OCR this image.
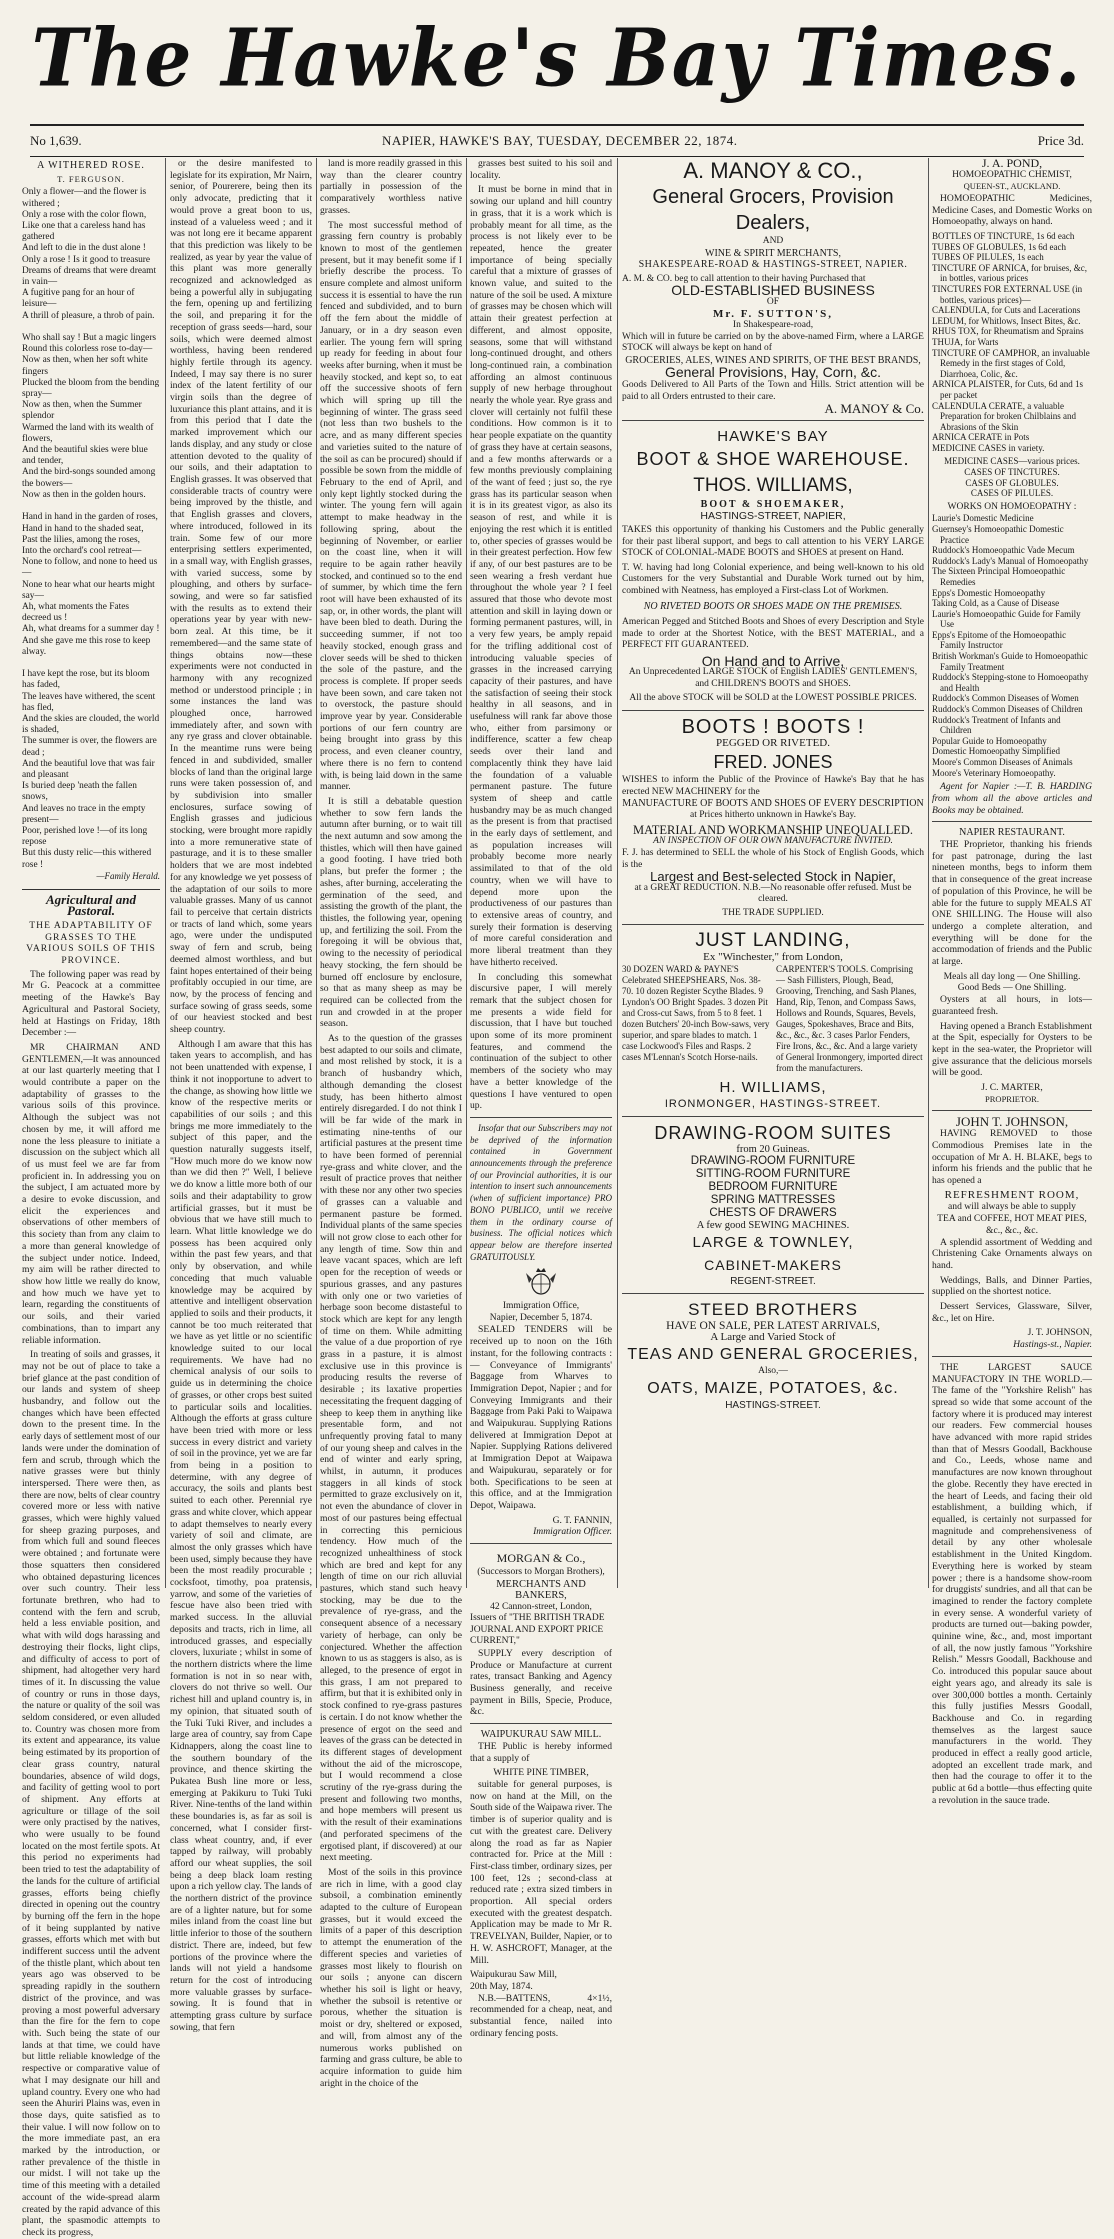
The Hawke's Bay Times.
No 1,639.	NAPIER, HAWKE'S BAY, TUESDAY, DECEMBER 22, 1874.	Price 3d.
A WITHERED ROSE.
T. FERGUSON.
Only a flower—and the flower is withered ;
Only a rose with the color flown,
Like one that a careless hand has gathered
And left to die in the dust alone !
Only a rose ! Is it good to treasure
Dreams of dreams that were dreamt in vain—
A fugitive pang for an hour of leisure—
A thrill of pleasure, a throb of pain.

Who shall say ! But a magic lingers
Round this colorless rose to-day—
Now as then, when her soft white fingers
Plucked the bloom from the bending spray—
Now as then, when the Summer splendor
Warmed the land with its wealth of flowers,
And the beautiful skies were blue and tender,
And the bird-songs sounded among the bowers—
Now as then in the golden hours.

Hand in hand in the garden of roses,
Hand in hand to the shaded seat,
Past the lilies, among the roses,
Into the orchard's cool retreat—
None to follow, and none to heed us—
None to hear what our hearts might say—
Ah, what moments the Fates decreed us !
Ah, what dreams for a summer day !
And she gave me this rose to keep alway.

I have kept the rose, but its bloom has faded,
The leaves have withered, the scent has fled,
And the skies are clouded, the world is shaded,
The summer is over, the flowers are dead ;
And the beautiful love that was fair and pleasant
Is buried deep 'neath the fallen snows,
And leaves no trace in the empty present—
Poor, perished love !—of its long repose
But this dusty relic—this withered rose !
—Family Herald.
Agricultural and Pastoral.
THE ADAPTABILITY OF GRASSES TO THE VARIOUS SOILS OF THIS PROVINCE.

The following paper was read by Mr G. Peacock at a committee meeting of the Hawke's Bay Agricultural and Pastoral Society, held at Hastings on Friday, 18th December :—

MR CHAIRMAN AND GENTLEMEN,—It was announced at our last quarterly meeting that I would contribute a paper on the adaptability of grasses to the various soils of this province. Although the subject was not chosen by me, it will afford me none the less pleasure to initiate a discussion on the subject which all of us must feel we are far from proficient in. In addressing you on the subject, I am actuated more by a desire to evoke discussion, and elicit the experiences and observations of other members of this society than from any claim to a more than general knowledge of the subject under notice. Indeed, my aim will be rather directed to show how little we really do know, and how much we have yet to learn, regarding the constituents of our soils, and their varied combinations, than to impart any reliable information.

In treating of soils and grasses, it may not be out of place to take a brief glance at the past condition of our lands and system of sheep husbandry, and follow out the changes which have been effected down to the present time. In the early days of settlement most of our lands were under the domination of fern and scrub, through which the native grasses were but thinly interspersed. There were then, as there are now, belts of clear country covered more or less with native grasses, which were highly valued for sheep grazing purposes, and from which full and sound fleeces were obtained ; and fortunate were those squatters then considered who obtained depasturing licences over such country. Their less fortunate brethren, who had to contend with the fern and scrub, held a less enviable position, and what with wild dogs harassing and destroying their flocks, light clips, and difficulty of access to port of shipment, had altogether very hard times of it. In discussing the value of country or runs in those days, the nature or quality of the soil was seldom considered, or even alluded to. Country was chosen more from its extent and appearance, its value being estimated by its proportion of clear grass country, natural boundaries, absence of wild dogs, and facility of getting wool to port of shipment. Any efforts at agriculture or tillage of the soil were only practised by the natives, who were usually to be found located on the most fertile spots. At this period no experiments had been tried to test the adaptability of the lands for the culture of artificial grasses, efforts being chiefly directed in opening out the country by burning off the fern in the hope of it being supplanted by native grasses, efforts which met with but indifferent success until the advent of the thistle plant, which about ten years ago was observed to be spreading rapidly in the southern district of the province, and was proving a most powerful adversary than the fire for the fern to cope with. Such being the state of our lands at that time, we could have but little reliable knowledge of the respective or comparative value of what I may designate our hill and upland country. Every one who had seen the Ahuriri Plains was, even in those days, quite satisfied as to their value. I will now follow on to the more immediate past, an era marked by the introduction, or rather prevalence of the thistle in our midst. I will not take up the time of this meeting with a detailed account of the wide-spread alarm created by the rapid advance of this plant, the spasmodic attempts to check its progress,

or the desire manifested to legislate for its expiration, Mr Nairn, senior, of Pourerere, being then its only advocate, predicting that it would prove a great boon to us, instead of a valueless weed ; and it was not long ere it became apparent that this prediction was likely to be realized, as year by year the value of this plant was more generally recognized and acknowledged as being a powerful ally in subjugating the fern, opening up and fertilizing the soil, and preparing it for the reception of grass seeds—hard, sour soils, which were deemed almost worthless, having been rendered highly fertile through its agency. Indeed, I may say there is no surer index of the latent fertility of our virgin soils than the degree of luxuriance this plant attains, and it is from this period that I date the marked improvement which our lands display, and any study or close attention devoted to the quality of our soils, and their adaptation to English grasses. It was observed that considerable tracts of country were being improved by the thistle, and that English grasses and clovers, where introduced, followed in its train. Some few of our more enterprising settlers experimented, in a small way, with English grasses, with varied success, some by ploughing, and others by surface-sowing, and were so far satisfied with the results as to extend their operations year by year with new-born zeal. At this time, be it remembered—and the same state of things obtains now—these experiments were not conducted in harmony with any recognized method or understood principle ; in some instances the land was ploughed once, harrowed immediately after, and sown with any rye grass and clover obtainable. In the meantime runs were being fenced in and subdivided, smaller blocks of land than the original large runs were taken possession of, and by subdivision into smaller enclosures, surface sowing of English grasses and judicious stocking, were brought more rapidly into a more remunerative state of pasturage, and it is to these smaller holders that we are most indebted for any knowledge we yet possess of the adaptation of our soils to more valuable grasses. Many of us cannot fail to perceive that certain districts or tracts of land which, some years ago, were under the undisputed sway of fern and scrub, being deemed almost worthless, and but faint hopes entertained of their being profitably occupied in our time, are now, by the process of fencing and surface sowing of grass seeds, some of our heaviest stocked and best sheep country.

Although I am aware that this has taken years to accomplish, and has not been unattended with expense, I think it not inopportune to advert to the change, as showing how little we know of the respective merits or capabilities of our soils ; and this brings me more immediately to the subject of this paper, and the question naturally suggests itself, "How much more do we know now than we did then ?" Well, I believe we do know a little more both of our soils and their adaptability to grow artificial grasses, but it must be obvious that we have still much to learn. What little knowledge we do possess has been acquired only within the past few years, and that only by observation, and while conceding that much valuable knowledge may be acquired by attentive and intelligent observation applied to soils and their products, it cannot be too much reiterated that we have as yet little or no scientific knowledge suited to our local requirements. We have had no chemical analysis of our soils to guide us in determining the choice of grasses, or other crops best suited to particular soils and localities. Although the efforts at grass culture have been tried with more or less success in every district and variety of soil in the province, yet we are far from being in a position to determine, with any degree of accuracy, the soils and plants best suited to each other. Perennial rye grass and white clover, which appear to adapt themselves to nearly every variety of soil and climate, are almost the only grasses which have been used, simply because they have been the most readily procurable ; cocksfoot, timothy, poa pratensis, yarrow, and some of the varieties of fescue have also been tried with marked success. In the alluvial deposits and tracts, rich in lime, all introduced grasses, and especially clovers, luxuriate ; whilst in some of the northern districts where the lime formation is not in so near with, clovers do not thrive so well. Our richest hill and upland country is, in my opinion, that situated south of the Tuki Tuki River, and includes a large area of country, say from Cape Kidnappers, along the coast line to the southern boundary of the province, and thence skirting the Pukatea Bush line more or less, emerging at Pakikuru to Tuki Tuki River. Nine-tenths of the land within these boundaries is, as far as soil is concerned, what I consider first-class wheat country, and, if ever tapped by railway, will probably afford our wheat supplies, the soil being a deep black loam resting upon a rich yellow clay. The lands of the northern district of the province are of a lighter nature, but for some miles inland from the coast line but little inferior to those of the southern district. There are, indeed, but few portions of the province where the lands will not yield a handsome return for the cost of introducing more valuable grasses by surface-sowing. It is found that in attempting grass culture by surface sowing, that fern

land is more readily grassed in this way than the clearer country partially in possession of the comparatively worthless native grasses.

The most successful method of grassing fern country is probably known to most of the gentlemen present, but it may benefit some if I briefly describe the process. To ensure complete and almost uniform success it is essential to have the run fenced and subdivided, and to burn off the fern about the middle of January, or in a dry season even earlier. The young fern will spring up ready for feeding in about four weeks after burning, when it must be heavily stocked, and kept so, to eat off the successive shoots of fern which will spring up till the beginning of winter. The grass seed (not less than two bushels to the acre, and as many different species and varieties suited to the nature of the soil as can be procured) should if possible be sown from the middle of February to the end of April, and only kept lightly stocked during the winter. The young fern will again attempt to make headway in the following spring, about the beginning of November, or earlier on the coast line, when it will require to be again rather heavily stocked, and continued so to the end of summer, by which time the fern root will have been exhausted of its sap, or, in other words, the plant will have been bled to death. During the succeeding summer, if not too heavily stocked, enough grass and clover seeds will be shed to thicken the sole of the pasture, and the process is complete. If proper seeds have been sown, and care taken not to overstock, the pasture should improve year by year. Considerable portions of our fern country are being brought into grass by this process, and even cleaner country, where there is no fern to contend with, is being laid down in the same manner.

It is still a debatable question whether to sow fern lands the autumn after burning, or to wait till the next autumn and sow among the thistles, which will then have gained a good footing. I have tried both plans, but prefer the former ; the ashes, after burning, accelerating the germination of the seed, and assisting the growth of the plant, the thistles, the following year, opening up, and fertilizing the soil. From the foregoing it will be obvious that, owing to the necessity of periodical heavy stocking, the fern should be burned off enclosure by enclosure, so that as many sheep as may be required can be collected from the run and crowded in at the proper season.

As to the question of the grasses best adapted to our soils and climate, and most relished by stock, it is a branch of husbandry which, although demanding the closest study, has been hitherto almost entirely disregarded. I do not think I will be far wide of the mark in estimating nine-tenths of our artificial pastures at the present time to have been formed of perennial rye-grass and white clover, and the result of practice proves that neither with these nor any other two species of grasses can a valuable and permanent pasture be formed. Individual plants of the same species will not grow close to each other for any length of time. Sow thin and leave vacant spaces, which are left open for the reception of weeds or spurious grasses, and any pastures with only one or two varieties of herbage soon become distasteful to stock which are kept for any length of time on them. While admitting the value of a due proportion of rye grass in a pasture, it is almost exclusive use in this province is producing results the reverse of desirable ; its laxative properties necessitating the frequent dagging of sheep to keep them in anything like presentable form, and not unfrequently proving fatal to many of our young sheep and calves in the end of winter and early spring, whilst, in autumn, it produces staggers in all kinds of stock permitted to graze exclusively on it, not even the abundance of clover in most of our pastures being effectual in correcting this pernicious tendency. How much of the recognized unhealthiness of stock which are bred and kept for any length of time on our rich alluvial pastures, which stand such heavy stocking, may be due to the prevalence of rye-grass, and the consequent absence of a necessary variety of herbage, can only be conjectured. Whether the affection known to us as staggers is also, as is alleged, to the presence of ergot in this grass, I am not prepared to affirm, but that it is exhibited only in stock confined to rye-grass pastures is certain. I do not know whether the presence of ergot on the seed and leaves of the grass can be detected in its different stages of development without the aid of the microscope, but I would recommend a close scrutiny of the rye-grass during the present and following two months, and hope members will present us with the result of their examinations (and perforated specimens of the ergotised plant, if discovered) at our next meeting.

Most of the soils in this province are rich in lime, with a good clay subsoil, a combination eminently adapted to the culture of European grasses, but it would exceed the limits of a paper of this description to attempt the enumeration of the different species and varieties of grasses most likely to flourish on our soils ; anyone can discern whether his soil is light or heavy, whether the subsoil is retentive or porous, whether the situation is moist or dry, sheltered or exposed, and will, from almost any of the numerous works published on farming and grass culture, be able to acquire information to guide him aright in the choice of the

grasses best suited to his soil and locality.

It must be borne in mind that in sowing our upland and hill country in grass, that it is a work which is probably meant for all time, as the process is not likely ever to be repeated, hence the greater importance of being specially careful that a mixture of grasses of known value, and suited to the nature of the soil be used. A mixture of grasses may be chosen which will attain their greatest perfection at different, and almost opposite, seasons, some that will withstand long-continued drought, and others long-continued rain, a combination affording an almost continuous supply of new herbage throughout nearly the whole year. Rye grass and clover will certainly not fulfil these conditions. How common is it to hear people expatiate on the quantity of grass they have at certain seasons, and a few months afterwards or a few months previously complaining of the want of feed ; just so, the rye grass has its particular season when it is in its greatest vigor, as also its season of rest, and while it is enjoying the rest which it is entitled to, other species of grasses would be in their greatest perfection. How few if any, of our best pastures are to be seen wearing a fresh verdant hue throughout the whole year ? I feel assured that those who devote most attention and skill in laying down or forming permanent pastures, will, in a very few years, be amply repaid for the trifling additional cost of introducing valuable species of grasses in the increased carrying capacity of their pastures, and have the satisfaction of seeing their stock healthy in all seasons, and in usefulness will rank far above those who, either from parsimony or indifference, scatter a few cheap seeds over their land and complacently think they have laid the foundation of a valuable permanent pasture. The future system of sheep and cattle husbandry may be as much changed as the present is from that practised in the early days of settlement, and as population increases will probably become more nearly assimilated to that of the old country, when we will have to depend more upon the productiveness of our pastures than to extensive areas of country, and surely their formation is deserving of more careful consideration and more liberal treatment than they have hitherto received.

In concluding this somewhat discursive paper, I will merely remark that the subject chosen for me presents a wide field for discussion, that I have but touched upon some of its more prominent features, and commend the continuation of the subject to other members of the society who may have a better knowledge of the questions I have ventured to open up.

Insofar that our Subscribers may not be deprived of the information contained in Government announcements through the preference of our Provincial authorities, it is our intention to insert such announcements (when of sufficient importance) PRO BONO PUBLICO, until we receive them in the ordinary course of business. The official notices which appear below are therefore inserted GRATUITOUSLY.

Immigration Office,
Napier, December 5, 1874.

SEALED TENDERS will be received up to noon on the 16th instant, for the following contracts :— Conveyance of Immigrants' Baggage from Wharves to Immigration Depot, Napier ; and for Conveying Immigrants and their Baggage from Paki Paki to Waipawa and Waipukurau. Supplying Rations delivered at Immigration Depot at Napier. Supplying Rations delivered at Immigration Depot at Waipawa and Waipukurau, separately or for both. Specifications to be seen at this office, and at the Immigration Depot, Waipawa.

G. T. FANNIN,
Immigration Officer.
MORGAN & Co.,
(Successors to Morgan Brothers),
MERCHANTS AND BANKERS,
42 Cannon-street, London,
Issuers of "THE BRITISH TRADE JOURNAL AND EXPORT PRICE CURRENT,"

SUPPLY every description of Produce or Manufacture at current rates, transact Banking and Agency Business generally, and receive payment in Bills, Specie, Produce, &c.

WAIPUKURAU SAW MILL.

THE Public is hereby informed that a supply of

WHITE PINE TIMBER,

suitable for general purposes, is now on hand at the Mill, on the South side of the Waipawa river. The timber is of superior quality and is cut with the greatest care. Delivery along the road as far as Napier contracted for. Price at the Mill : First-class timber, ordinary sizes, per 100 feet, 12s ; second-class at reduced rate ; extra sized timbers in proportion. All special orders executed with the greatest despatch. Application may be made to Mr R. TREVELYAN, Builder, Napier, or to H. W. ASHCROFT, Manager, at the Mill.

Waipukurau Saw Mill,
20th May, 1874.

N.B.—BATTENS, 4×1½, recommended for a cheap, neat, and substantial fence, nailed into ordinary fencing posts.

A. MANOY & CO.,
General Grocers, Provision Dealers,
AND
WINE & SPIRIT MERCHANTS,
SHAKESPEARE-ROAD & HASTINGS-STREET, NAPIER.
A. M. & CO. beg to call attention to their having Purchased that
OLD-ESTABLISHED BUSINESS
OF
Mr. F. SUTTON'S,
In Shakespeare-road,
Which will in future be carried on by the above-named Firm, where a LARGE STOCK will always be kept on hand of
GROCERIES, ALES, WINES AND SPIRITS, OF THE BEST BRANDS,
General Provisions, Hay, Corn, &c.
Goods Delivered to All Parts of the Town and Hills. Strict attention will be paid to all Orders entrusted to their care.
A. MANOY & Co.
HAWKE'S BAY
BOOT & SHOE WAREHOUSE.
THOS. WILLIAMS,
BOOT & SHOEMAKER,
HASTINGS-STREET, NAPIER,
TAKES this opportunity of thanking his Customers and the Public generally for their past liberal support, and begs to call attention to his VERY LARGE STOCK of COLONIAL-MADE BOOTS and SHOES at present on Hand.
T. W. having had long Colonial experience, and being well-known to his old Customers for the very Substantial and Durable Work turned out by him, combined with Neatness, has employed a First-class Lot of Workmen.
NO RIVETED BOOTS OR SHOES MADE ON THE PREMISES.
American Pegged and Stitched Boots and Shoes of every Description and Style made to order at the Shortest Notice, with the BEST MATERIAL, and a PERFECT FIT GUARANTEED.
On Hand and to Arrive,
An Unprecedented LARGE STOCK of English LADIES' GENTLEMEN'S, and CHILDREN'S BOOTS and SHOES.
All the above STOCK will be SOLD at the LOWEST POSSIBLE PRICES.
BOOTS ! BOOTS !
PEGGED OR RIVETED.
FRED. JONES
WISHES to inform the Public of the Province of Hawke's Bay that he has erected NEW MACHINERY for the
MANUFACTURE OF BOOTS AND SHOES OF EVERY DESCRIPTION
at Prices hitherto unknown in Hawke's Bay.
MATERIAL AND WORKMANSHIP UNEQUALLED.
AN INSPECTION OF OUR OWN MANUFACTURE INVITED.
F. J. has determined to SELL the whole of his Stock of English Goods, which is the
Largest and Best-selected Stock in Napier,
at a GREAT REDUCTION. N.B.—No reasonable offer refused. Must be cleared.
THE TRADE SUPPLIED.
JUST LANDING,
Ex "Winchester," from London,
30 DOZEN WARD & PAYNE'S Celebrated SHEEPSHEARS, Nos. 38-70. 10 dozen Register Scythe Blades. 9 Lyndon's OO Bright Spades. 3 dozen Pit and Cross-cut Saws, from 5 to 8 feet. 1 dozen Butchers' 20-inch Bow-saws, very superior, and spare blades to match. 1 case Lockwood's Files and Rasps. 2 cases M'Lennan's Scotch Horse-nails.
CARPENTER'S TOOLS. Comprising — Sash Fillisters, Plough, Bead, Grooving, Trenching, and Sash Planes, Hand, Rip, Tenon, and Compass Saws, Hollows and Rounds, Squares, Bevels, Gauges, Spokeshaves, Brace and Bits, &c., &c., &c. 3 cases Parlor Fenders, Fire Irons, &c., &c. And a large variety of General Ironmongery, imported direct from the manufacturers.
H. WILLIAMS,
IRONMONGER, HASTINGS-STREET.
DRAWING-ROOM SUITES
from 20 Guineas.
DRAWING-ROOM FURNITURE
SITTING-ROOM FURNITURE
BEDROOM FURNITURE
SPRING MATTRESSES
CHESTS OF DRAWERS
A few good SEWING MACHINES.
LARGE & TOWNLEY,
CABINET-MAKERS
REGENT-STREET.
STEED BROTHERS
HAVE ON SALE, PER LATEST ARRIVALS,
A Large and Varied Stock of
TEAS AND GENERAL GROCERIES,
Also,—
OATS, MAIZE, POTATOES, &c.
HASTINGS-STREET.
J. A. POND,
HOMOEOPATHIC CHEMIST,
QUEEN-ST., AUCKLAND.

HOMOEOPATHIC Medicines, Medicine Cases, and Domestic Works on Homoeopathy, always on hand.

BOTTLES OF TINCTURE, 1s 6d each
TUBES OF GLOBULES, 1s 6d each
TUBES OF PILULES, 1s each
TINCTURE OF ARNICA, for bruises, &c, in bottles, various prices
TINCTURES FOR EXTERNAL USE (in bottles, various prices)—
CALENDULA, for Cuts and Lacerations
LEDUM, for Whitlows, Insect Bites, &c.
RHUS TOX, for Rheumatism and Sprains
THUJA, for Warts
TINCTURE OF CAMPHOR, an invaluable Remedy in the first stages of Cold, Diarrhoea, Colic, &c.
ARNICA PLAISTER, for Cuts, 6d and 1s per packet
CALENDULA CERATE, a valuable Preparation for broken Chilblains and Abrasions of the Skin
ARNICA CERATE in Pots
MEDICINE CASES in variety.
MEDICINE CASES—various prices.
CASES OF TINCTURES.
CASES OF GLOBULES.
CASES OF PILULES.
WORKS ON HOMOEOPATHY :
Laurie's Domestic Medicine
Guernsey's Homoeopathic Domestic Practice
Ruddock's Homoeopathic Vade Mecum
Ruddock's Lady's Manual of Homoeopathy
The Sixteen Principal Homoeopathic Remedies
Epps's Domestic Homoeopathy
Taking Cold, as a Cause of Disease
Laurie's Homoeopathic Guide for Family Use
Epps's Epitome of the Homoeopathic Family Instructor
British Workman's Guide to Homoeopathic Family Treatment
Ruddock's Stepping-stone to Homoeopathy and Health
Ruddock's Common Diseases of Women
Ruddock's Common Diseases of Children
Ruddock's Treatment of Infants and Children
Popular Guide to Homoeopathy
Domestic Homoeopathy Simplified
Moore's Common Diseases of Animals
Moore's Veterinary Homoeopathy.

Agent for Napier :—T. B. HARDING from whom all the above articles and Books may be obtained.

NAPIER RESTAURANT.

THE Proprietor, thanking his friends for past patronage, during the last nineteen months, begs to inform them that in consequence of the great increase of population of this Province, he will be able for the future to supply MEALS AT ONE SHILLING. The House will also undergo a complete alteration, and everything will be done for the accommodation of friends and the Public at large.

Meals all day long — One Shilling.
Good Beds — One Shilling.

Oysters at all hours, in lots—guaranteed fresh.

Having opened a Branch Establishment at the Spit, especially for Oysters to be kept in the sea-water, the Proprietor will give assurance that the delicious morsels will be good.

J. C. MARTER,
PROPRIETOR.
JOHN T. JOHNSON,

HAVING REMOVED to those Commodious Premises late in the occupation of Mr A. H. BLAKE, begs to inform his friends and the public that he has opened a

REFRESHMENT ROOM,
and will always be able to supply
TEA and COFFEE, HOT MEAT PIES, &c., &c., &c.

A splendid assortment of Wedding and Christening Cake Ornaments always on hand.

Weddings, Balls, and Dinner Parties, supplied on the shortest notice.

Dessert Services, Glassware, Silver, &c., let on Hire.

J. T. JOHNSON,
Hastings-st., Napier.

THE LARGEST SAUCE MANUFACTORY IN THE WORLD.—The fame of the "Yorkshire Relish" has spread so wide that some account of the factory where it is produced may interest our readers. Few commercial houses have advanced with more rapid strides than that of Messrs Goodall, Backhouse and Co., Leeds, whose name and manufactures are now known throughout the globe. Recently they have erected in the heart of Leeds, and facing their old establishment, a building which, if equalled, is certainly not surpassed for magnitude and comprehensiveness of detail by any other wholesale establishment in the United Kingdom. Everything here is worked by steam power ; there is a handsome show-room for druggists' sundries, and all that can be imagined to render the factory complete in every sense. A wonderful variety of products are turned out—baking powder, quinine wine, &c., and, most important of all, the now justly famous "Yorkshire Relish." Messrs Goodall, Backhouse and Co. introduced this popular sauce about eight years ago, and already its sale is over 300,000 bottles a month. Certainly this fully justifies Messrs Goodall, Backhouse and Co. in regarding themselves as the largest sauce manufacturers in the world. They produced in effect a really good article, adopted an excellent trade mark, and then had the courage to offer it to the public at 6d a bottle—thus effecting quite a revolution in the sauce trade.
